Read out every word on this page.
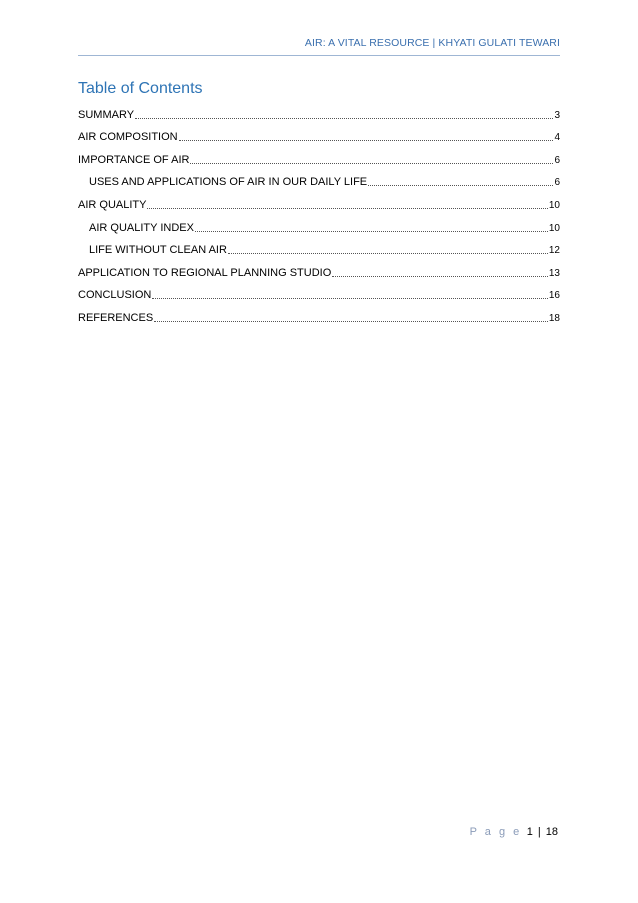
AIR: A VITAL RESOURCE | KHYATI GULATI TEWARI
Table of Contents
SUMMARY	3
AIR COMPOSITION	4
IMPORTANCE OF AIR	6
USES AND APPLICATIONS OF AIR IN OUR DAILY LIFE	6
AIR QUALITY	10
AIR QUALITY INDEX	10
LIFE WITHOUT CLEAN AIR	12
APPLICATION TO REGIONAL PLANNING STUDIO	13
CONCLUSION	16
REFERENCES	18
P a g e 1 | 18
